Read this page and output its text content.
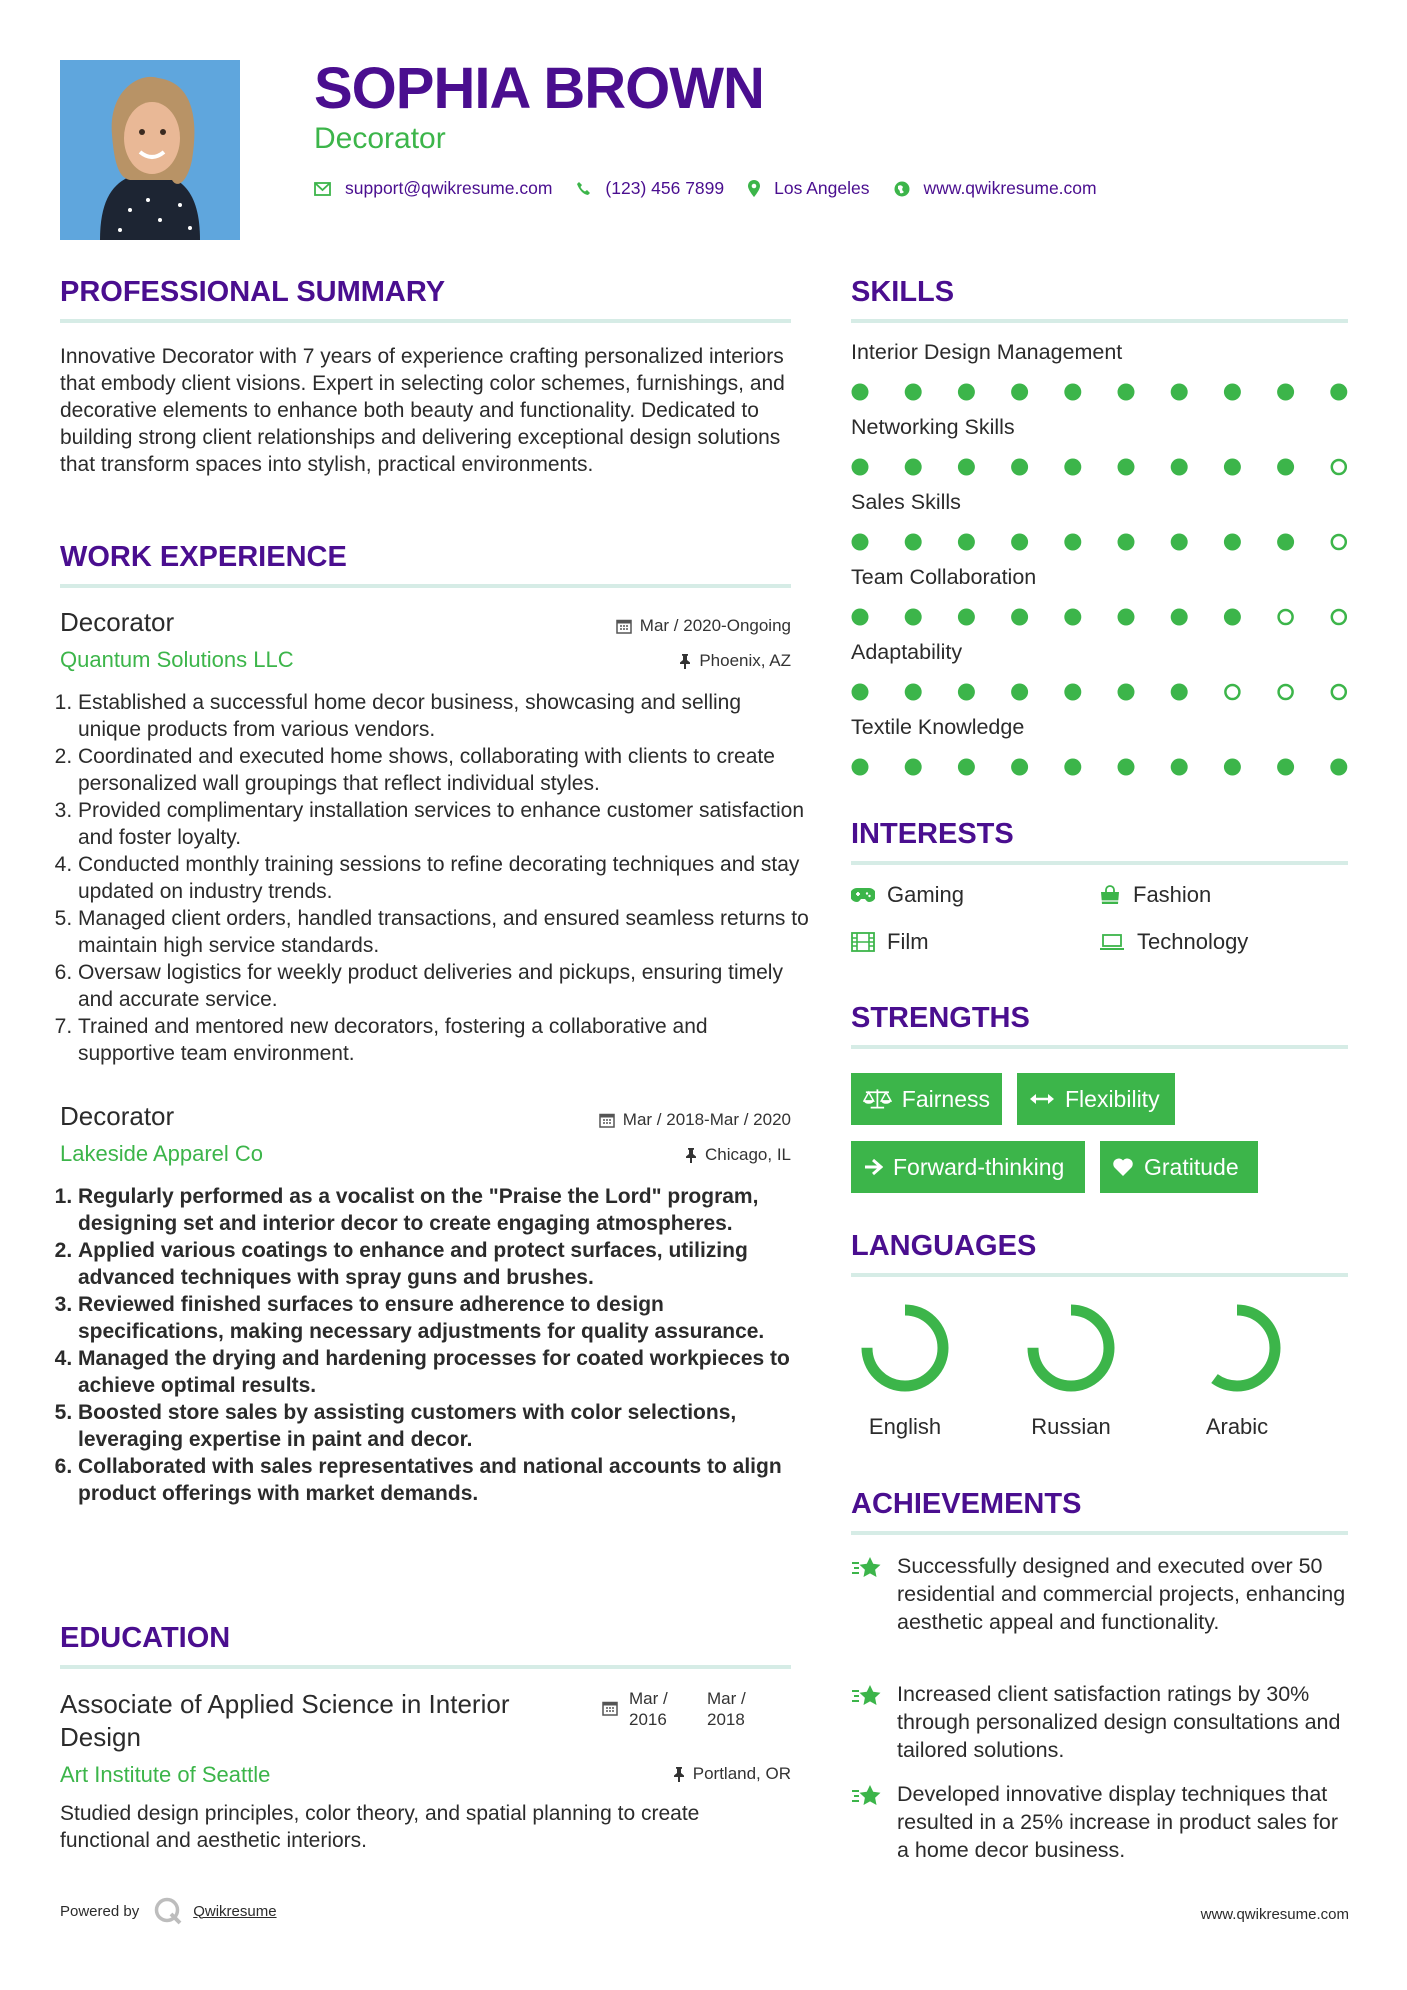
SOPHIA BROWN
Decorator
support@qwikresume.com	(123) 456 7899	Los Angeles	www.qwikresume.com
PROFESSIONAL SUMMARY
Innovative Decorator with 7 years of experience crafting personalized interiors that embody client visions. Expert in selecting color schemes, furnishings, and decorative elements to enhance both beauty and functionality. Dedicated to building strong client relationships and delivering exceptional design solutions that transform spaces into stylish, practical environments.
WORK EXPERIENCE
Decorator	Mar / 2020-Ongoing
Quantum Solutions LLC	Phoenix, AZ
1. Established a successful home decor business, showcasing and selling unique products from various vendors.
2. Coordinated and executed home shows, collaborating with clients to create personalized wall groupings that reflect individual styles.
3. Provided complimentary installation services to enhance customer satisfaction and foster loyalty.
4. Conducted monthly training sessions to refine decorating techniques and stay updated on industry trends.
5. Managed client orders, handled transactions, and ensured seamless returns to maintain high service standards.
6. Oversaw logistics for weekly product deliveries and pickups, ensuring timely and accurate service.
7. Trained and mentored new decorators, fostering a collaborative and supportive team environment.
Decorator	Mar / 2018-Mar / 2020
Lakeside Apparel Co	Chicago, IL
1. Regularly performed as a vocalist on the "Praise the Lord" program, designing set and interior decor to create engaging atmospheres.
2. Applied various coatings to enhance and protect surfaces, utilizing advanced techniques with spray guns and brushes.
3. Reviewed finished surfaces to ensure adherence to design specifications, making necessary adjustments for quality assurance.
4. Managed the drying and hardening processes for coated workpieces to achieve optimal results.
5. Boosted store sales by assisting customers with color selections, leveraging expertise in paint and decor.
6. Collaborated with sales representatives and national accounts to align product offerings with market demands.
EDUCATION
Associate of Applied Science in Interior Design
Mar / 2016
Mar / 2018
Art Institute of Seattle	Portland, OR
Studied design principles, color theory, and spatial planning to create functional and aesthetic interiors.
SKILLS
Interior Design Management
Networking Skills
Sales Skills
Team Collaboration
Adaptability
Textile Knowledge
INTERESTS
Gaming	Fashion
Film	Technology
STRENGTHS
Fairness	Flexibility
Forward-thinking	Gratitude
LANGUAGES
English	Russian	Arabic
ACHIEVEMENTS
Successfully designed and executed over 50 residential and commercial projects, enhancing aesthetic appeal and functionality.
Increased client satisfaction ratings by 30% through personalized design consultations and tailored solutions.
Developed innovative display techniques that resulted in a 25% increase in product sales for a home decor business.
Powered by	Qwikresume	www.qwikresume.com
